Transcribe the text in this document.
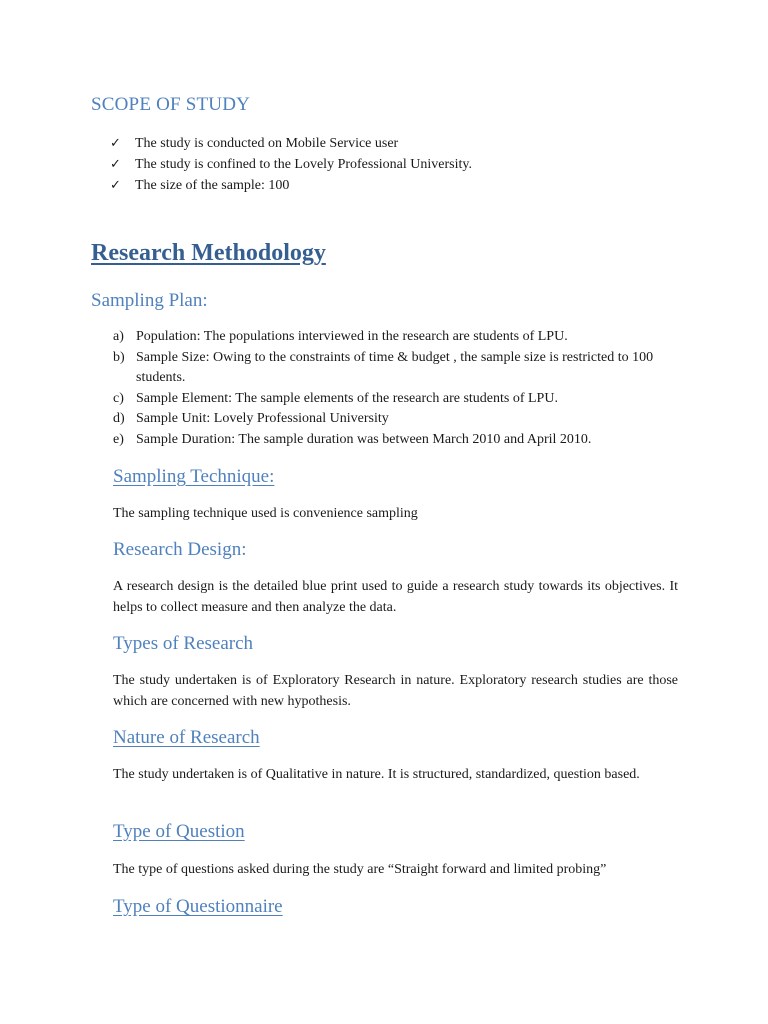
SCOPE OF STUDY
✓ The study is conducted on Mobile Service user
✓ The study is confined to the Lovely Professional University.
✓ The size of the sample: 100
Research Methodology
Sampling Plan:
a) Population: The populations interviewed in the research are students of LPU.
b) Sample Size: Owing to the constraints of time & budget , the sample size is restricted to 100 students.
c) Sample Element: The sample elements of the research are students of LPU.
d) Sample Unit: Lovely Professional University
e) Sample Duration: The sample duration was between March 2010 and April 2010.
Sampling Technique:

The sampling technique used is convenience sampling

Research Design:

A research design is the detailed blue print used to guide a research study towards its objectives. It helps to collect measure and then analyze the data.

Types of Research

The study undertaken is of Exploratory Research in nature. Exploratory research studies are those which are concerned with new hypothesis.

Nature of Research

The study undertaken is of Qualitative in nature. It is structured, standardized, question based.

Type of Question

The type of questions asked during the study are “Straight forward and limited probing”

Type of Questionnaire
